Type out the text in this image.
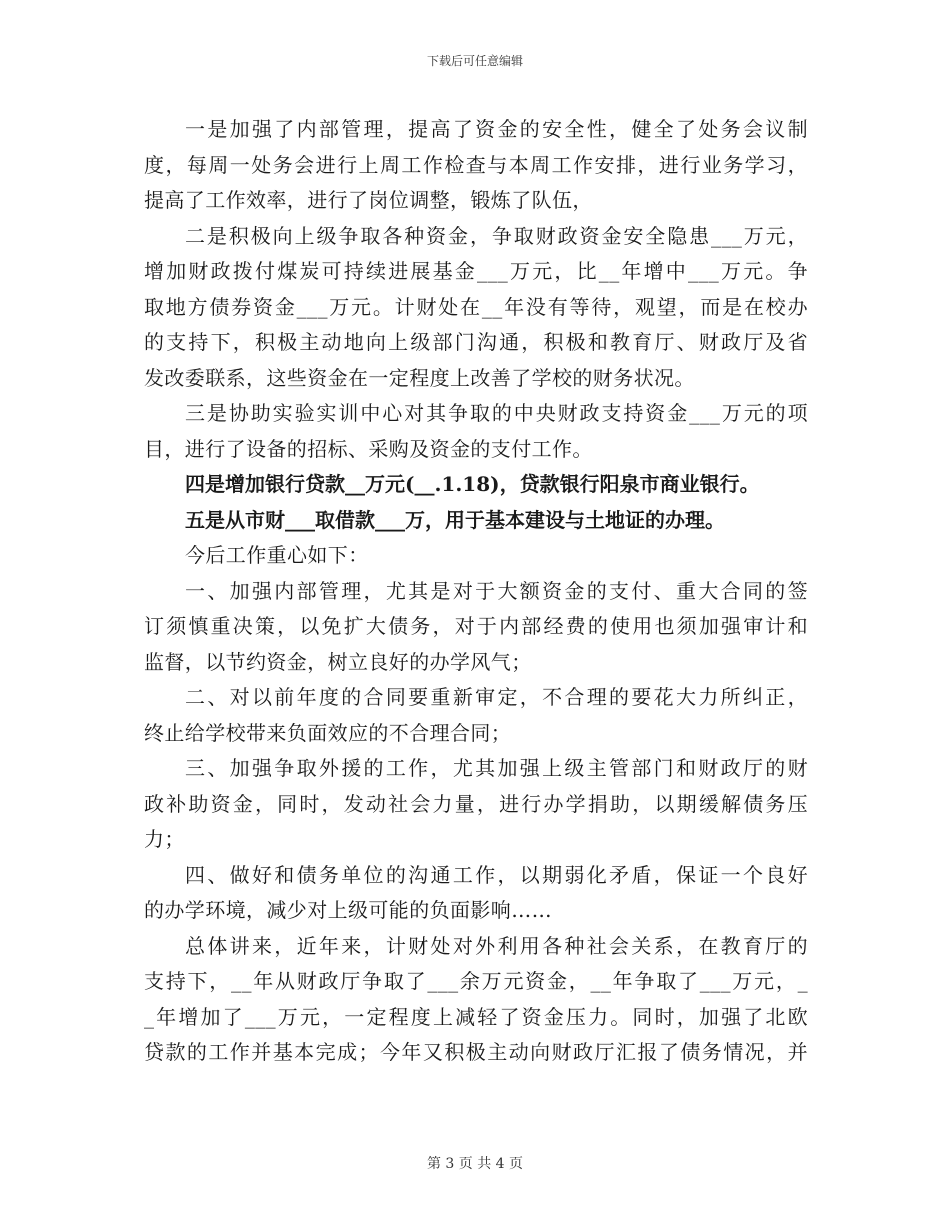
下载后可任意编辑
一是加强了内部管理，提高了资金的安全性，健全了处务会议制
度，每周一处务会进行上周工作检查与本周工作安排，进行业务学习，
提高了工作效率，进行了岗位调整，锻炼了队伍，
二是积极向上级争取各种资金，争取财政资金安全隐患___万元，
增加财政拨付煤炭可持续进展基金___万元，比__年增中___万元。争
取地方债券资金___万元。计财处在__年没有等待，观望，而是在校办
的支持下，积极主动地向上级部门沟通，积极和教育厅、财政厅及省
发改委联系，这些资金在一定程度上改善了学校的财务状况。
三是协助实验实训中心对其争取的中央财政支持资金___万元的项
目，进行了设备的招标、采购及资金的支付工作。
四是增加银行贷款__万元(__.1.18)，贷款银行阳泉市商业银行。
五是从市财___取借款___万，用于基本建设与土地证的办理。
今后工作重心如下：
一、加强内部管理，尤其是对于大额资金的支付、重大合同的签
订须慎重决策，以免扩大债务，对于内部经费的使用也须加强审计和
监督，以节约资金，树立良好的办学风气；
二、对以前年度的合同要重新审定，不合理的要花大力所纠正，
终止给学校带来负面效应的不合理合同；
三、加强争取外援的工作，尤其加强上级主管部门和财政厅的财
政补助资金，同时，发动社会力量，进行办学捐助，以期缓解债务压
力；
四、做好和债务单位的沟通工作，以期弱化矛盾，保证一个良好
的办学环境，减少对上级可能的负面影响……
总体讲来，近年来，计财处对外利用各种社会关系，在教育厅的
支持下，__年从财政厅争取了___余万元资金，__年争取了___万元，_
_年增加了___万元，一定程度上减轻了资金压力。同时，加强了北欧
贷款的工作并基本完成；今年又积极主动向财政厅汇报了债务情况，并
第 3 页 共 4 页
